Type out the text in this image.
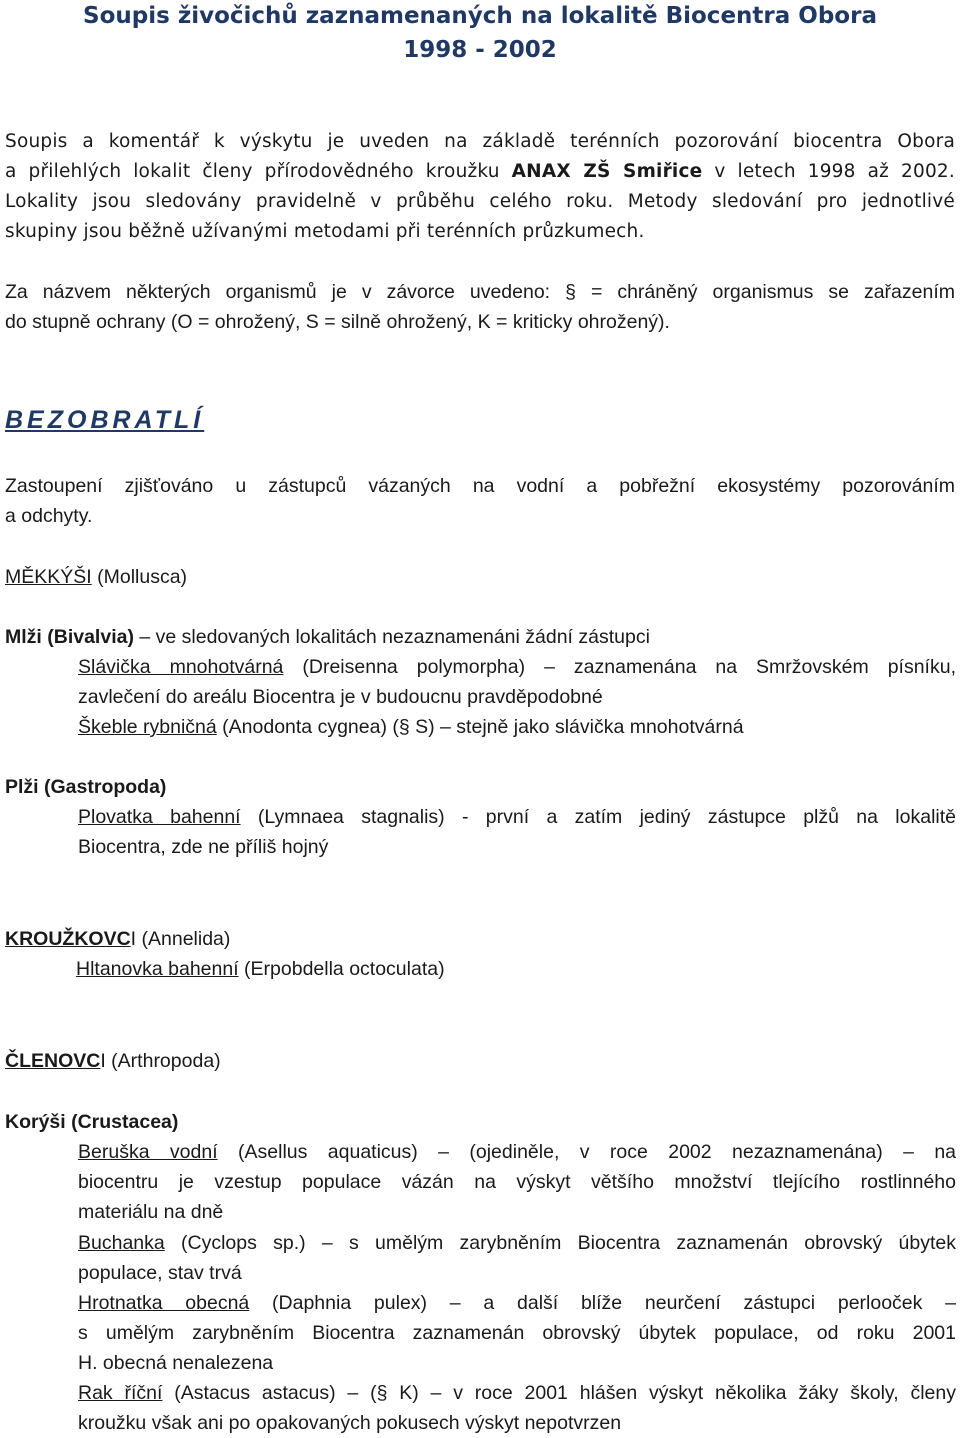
Soupis živočichů zaznamenaných na lokalitě Biocentra Obora
1998 - 2002
Soupis a komentář k výskytu je uveden na základě terénních pozorování biocentra Obora
a přilehlých lokalit členy přírodovědného kroužku ANAX ZŠ Smiřice v letech 1998 až 2002.
Lokality jsou sledovány pravidelně v průběhu celého roku. Metody sledování pro jednotlivé
skupiny jsou běžně užívanými metodami při terénních průzkumech.
Za názvem některých organismů je v závorce uvedeno: § = chráněný organismus se zařazením
do stupně ochrany (O = ohrožený, S = silně ohrožený, K = kriticky ohrožený).
BEZOBRATLÍ
Zastoupení zjišťováno u zástupců vázaných na vodní a pobřežní ekosystémy pozorováním
a odchyty.
MĚKKÝŠI (Mollusca)
Mlži (Bivalvia) – ve sledovaných lokalitách nezaznamenáni žádní zástupci
Slávička mnohotvárná (Dreisenna polymorpha) – zaznamenána na Smržovském písníku,
zavlečení do areálu Biocentra je v budoucnu pravděpodobné
Škeble rybničná (Anodonta cygnea) (§ S) – stejně jako slávička mnohotvárná
Plži (Gastropoda)
Plovatka bahenní (Lymnaea stagnalis) - první a zatím jediný zástupce plžů na lokalitě
Biocentra, zde ne příliš hojný
KROUŽKOVCI (Annelida)
Hltanovka bahenní (Erpobdella octoculata)
ČLENOVCI (Arthropoda)
Korýši (Crustacea)
Beruška vodní (Asellus aquaticus) – (ojediněle, v roce 2002 nezaznamenána) – na
biocentru je vzestup populace vázán na výskyt většího množství tlejícího rostlinného
materiálu na dně
Buchanka (Cyclops sp.) – s umělým zarybněním Biocentra zaznamenán obrovský úbytek
populace, stav trvá
Hrotnatka obecná (Daphnia pulex) – a další blíže neurčení zástupci perlooček –
s umělým zarybněním Biocentra zaznamenán obrovský úbytek populace, od roku 2001
H. obecná nenalezena
Rak říční (Astacus astacus) – (§ K) – v roce 2001 hlášen výskyt několika žáky školy, členy
kroužku však ani po opakovaných pokusech výskyt nepotvrzen
